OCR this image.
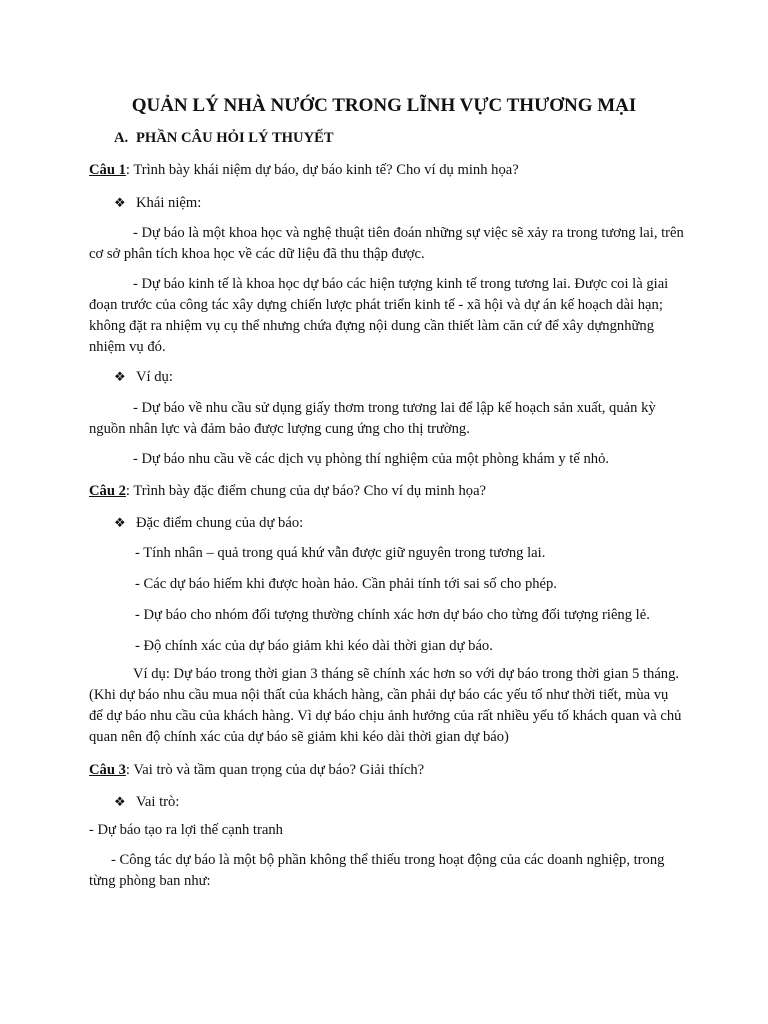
QUẢN LÝ NHÀ NƯỚC TRONG LĨNH VỰC THƯƠNG MẠI
A. PHẦN CÂU HỎI LÝ THUYẾT

Câu 1: Trình bày khái niệm dự báo, dự báo kinh tế? Cho ví dụ minh họa?

❖ Khái niệm:

- Dự báo là một khoa học và nghệ thuật tiên đoán những sự việc sẽ xảy ra trong tương lai, trên cơ sở phân tích khoa học về các dữ liệu đã thu thập được.

- Dự báo kinh tế là khoa học dự báo các hiện tượng kinh tế trong tương lai. Được coi là giai đoạn trước của công tác xây dựng chiến lược phát triển kinh tế - xã hội và dự án kế hoạch dài hạn; không đặt ra nhiệm vụ cụ thể nhưng chứa đựng nội dung cần thiết làm căn cứ để xây dựngnhững nhiệm vụ đó.

❖ Ví dụ:

- Dự báo về nhu cầu sử dụng giấy thơm trong tương lai để lập kế hoạch sản xuất, quản kỳ nguồn nhân lực và đảm bảo được lượng cung ứng cho thị trường.

- Dự báo nhu cầu về các dịch vụ phòng thí nghiệm của một phòng khám y tế nhỏ.

Câu 2: Trình bày đặc điểm chung của dự báo? Cho ví dụ minh họa?

❖ Đặc điểm chung của dự báo:

- Tính nhân – quả trong quá khứ vẫn được giữ nguyên trong tương lai.

- Các dự báo hiếm khi được hoàn hảo. Cần phải tính tới sai số cho phép.

- Dự báo cho nhóm đối tượng thường chính xác hơn dự báo cho từng đối tượng riêng lẻ.

- Độ chính xác của dự báo giảm khi kéo dài thời gian dự báo.

Ví dụ: Dự báo trong thời gian 3 tháng sẽ chính xác hơn so với dự báo trong thời gian 5 tháng. (Khi dự báo nhu cầu mua nội thất của khách hàng, cần phải dự báo các yếu tố như thời tiết, mùa vụ để dự báo nhu cầu của khách hàng. Vì dự báo chịu ảnh hưởng của rất nhiều yếu tố khách quan và chủ quan nên độ chính xác của dự báo sẽ giảm khi kéo dài thời gian dự báo)

Câu 3: Vai trò và tầm quan trọng của dự báo? Giải thích?

❖ Vai trò:

- Dự báo tạo ra lợi thế cạnh tranh

- Công tác dự báo là một bộ phần không thể thiếu trong hoạt động của các doanh nghiệp, trong từng phòng ban như:
